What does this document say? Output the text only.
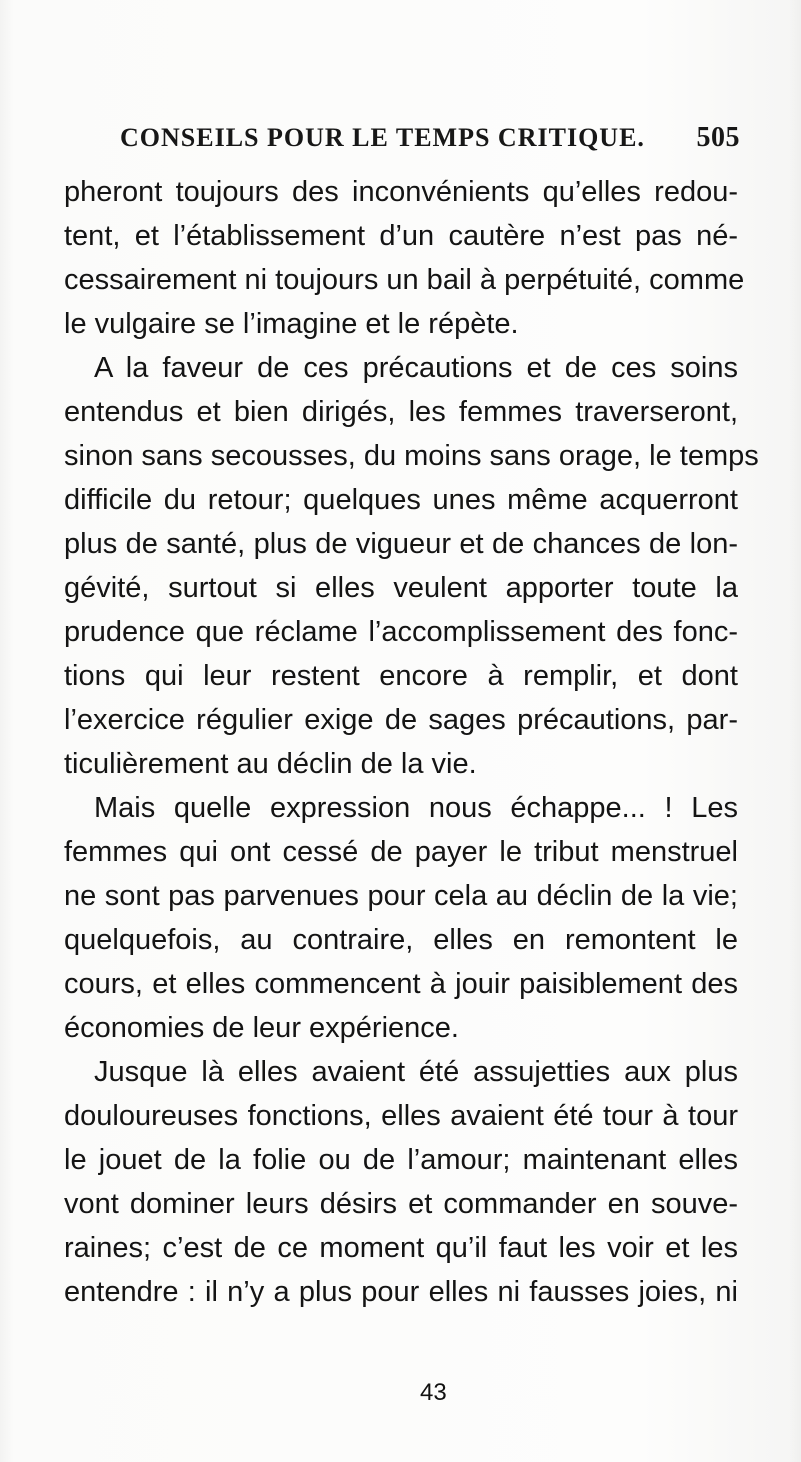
CONSEILS POUR LE TEMPS CRITIQUE. 505
pheront toujours des inconvénients qu’elles redou-
tent, et l’établissement d’un cautère n’est pas né-
cessairement ni toujours un bail à perpétuité, comme
le vulgaire se l’imagine et le répète.
A la faveur de ces précautions et de ces soins
entendus et bien dirigés, les femmes traverseront,
sinon sans secousses, du moins sans orage, le temps
difficile du retour; quelques unes même acquerront
plus de santé, plus de vigueur et de chances de lon-
gévité, surtout si elles veulent apporter toute la
prudence que réclame l’accomplissement des fonc-
tions qui leur restent encore à remplir, et dont
l’exercice régulier exige de sages précautions, par-
ticulièrement au déclin de la vie.
Mais quelle expression nous échappe... ! Les
femmes qui ont cessé de payer le tribut menstruel
ne sont pas parvenues pour cela au déclin de la vie;
quelquefois, au contraire, elles en remontent le
cours, et elles commencent à jouir paisiblement des
économies de leur expérience.
Jusque là elles avaient été assujetties aux plus
douloureuses fonctions, elles avaient été tour à tour
le jouet de la folie ou de l’amour; maintenant elles
vont dominer leurs désirs et commander en souve-
raines; c’est de ce moment qu’il faut les voir et les
entendre : il n’y a plus pour elles ni fausses joies, ni
43
